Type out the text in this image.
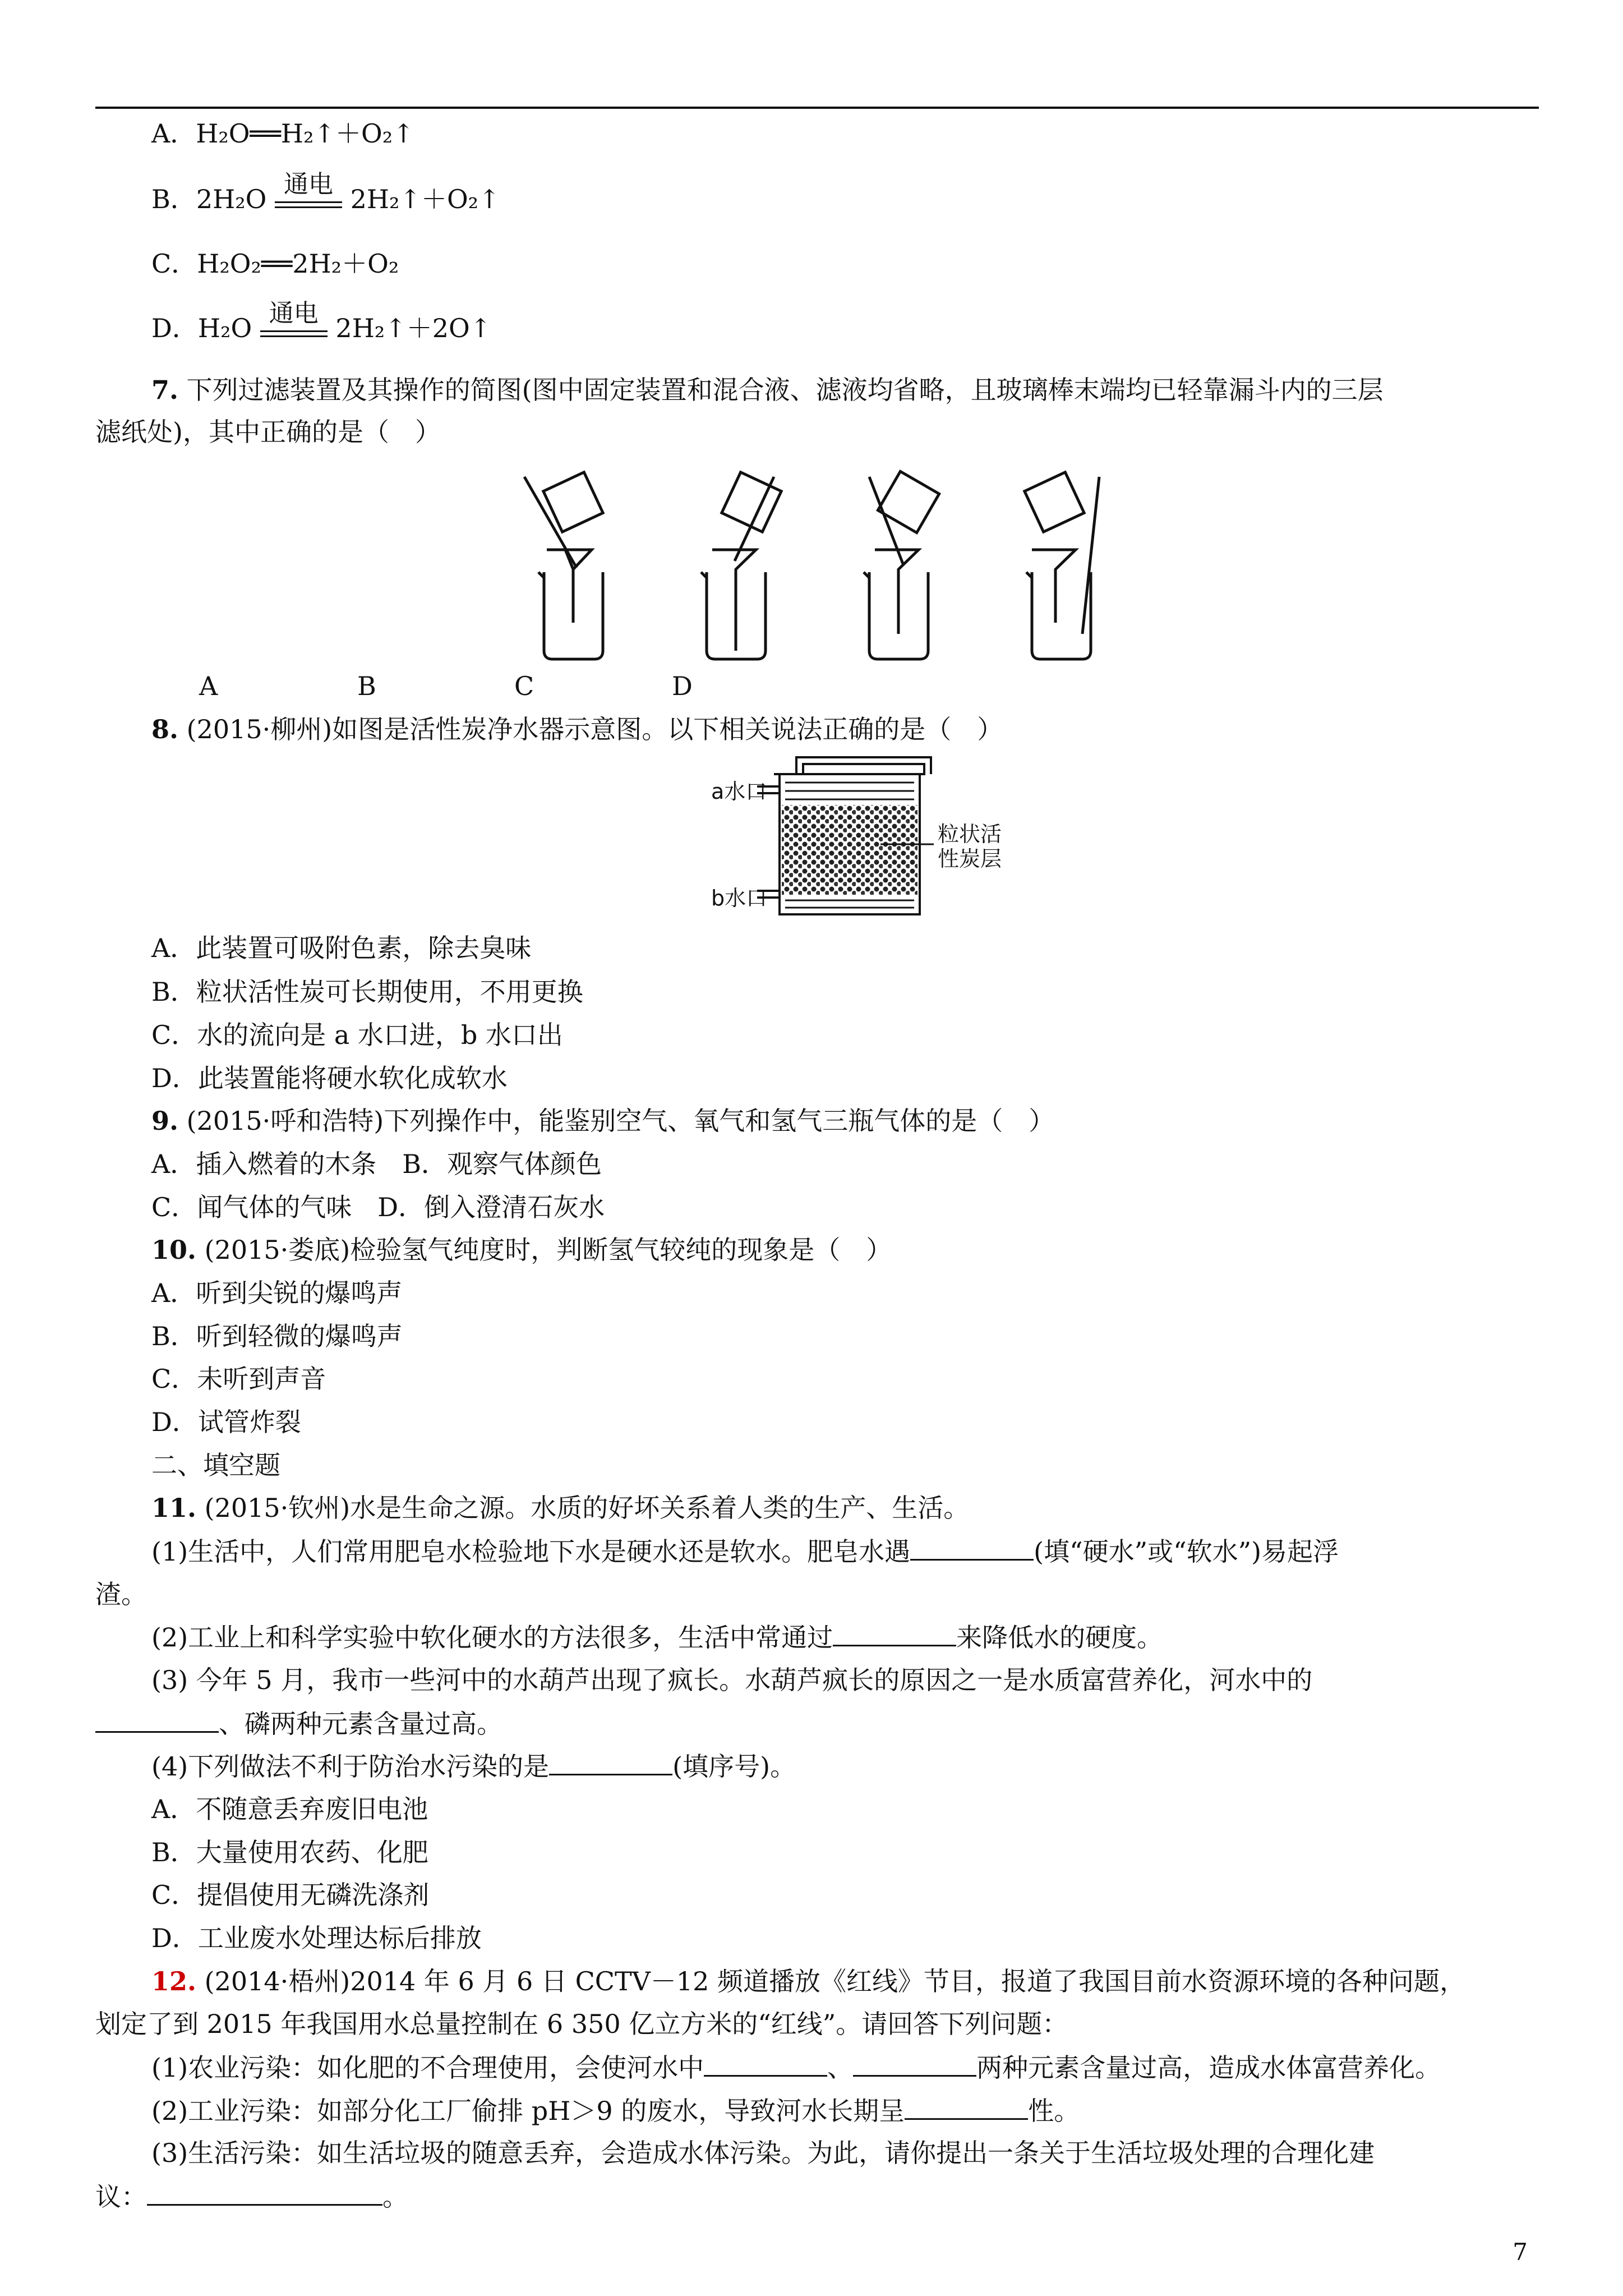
A．H₂O══H₂↑＋O₂↑
B．2H₂O 通电 2H₂↑＋O₂↑
C．H₂O₂══2H₂＋O₂
D．H₂O 通电 2H₂↑＋2O↑
7. 下列过滤装置及其操作的简图(图中固定装置和混合液、滤液均省略，且玻璃棒末端均已轻靠漏斗内的三层
滤纸处)，其中正确的是（　）
A	B	C	D
8. (2015·柳州)如图是活性炭净水器示意图。以下相关说法正确的是（　）
a水口
b水口
粒状活
性炭层
A．此装置可吸附色素，除去臭味
B．粒状活性炭可长期使用，不用更换
C．水的流向是 a 水口进，b 水口出
D．此装置能将硬水软化成软水
9. (2015·呼和浩特)下列操作中，能鉴别空气、氧气和氢气三瓶气体的是（　）
A．插入燃着的木条　B．观察气体颜色
C．闻气体的气味　D．倒入澄清石灰水
10. (2015·娄底)检验氢气纯度时，判断氢气较纯的现象是（　）
A．听到尖锐的爆鸣声
B．听到轻微的爆鸣声
C．未听到声音
D．试管炸裂
二、填空题
11. (2015·钦州)水是生命之源。水质的好坏关系着人类的生产、生活。
(1)生活中，人们常用肥皂水检验地下水是硬水还是软水。肥皂水遇	(填“硬水”或“软水”)易起浮
渣。
(2)工业上和科学实验中软化硬水的方法很多，生活中常通过	来降低水的硬度。
(3) 今年 5 月，我市一些河中的水葫芦出现了疯长。水葫芦疯长的原因之一是水质富营养化，河水中的
、磷两种元素含量过高。
(4)下列做法不利于防治水污染的是	(填序号)。
A．不随意丢弃废旧电池
B．大量使用农药、化肥
C．提倡使用无磷洗涤剂
D．工业废水处理达标后排放
12. (2014·梧州)2014 年 6 月 6 日 CCTV－12 频道播放《红线》节目，报道了我国目前水资源环境的各种问题，
划定了到 2015 年我国用水总量控制在 6 350 亿立方米的“红线”。请回答下列问题：
(1)农业污染：如化肥的不合理使用，会使河水中	、	两种元素含量过高，造成水体富营养化。
(2)工业污染：如部分化工厂偷排 pH＞9 的废水，导致河水长期呈	性。
(3)生活污染：如生活垃圾的随意丢弃，会造成水体污染。为此，请你提出一条关于生活垃圾处理的合理化建
议：	。
7
